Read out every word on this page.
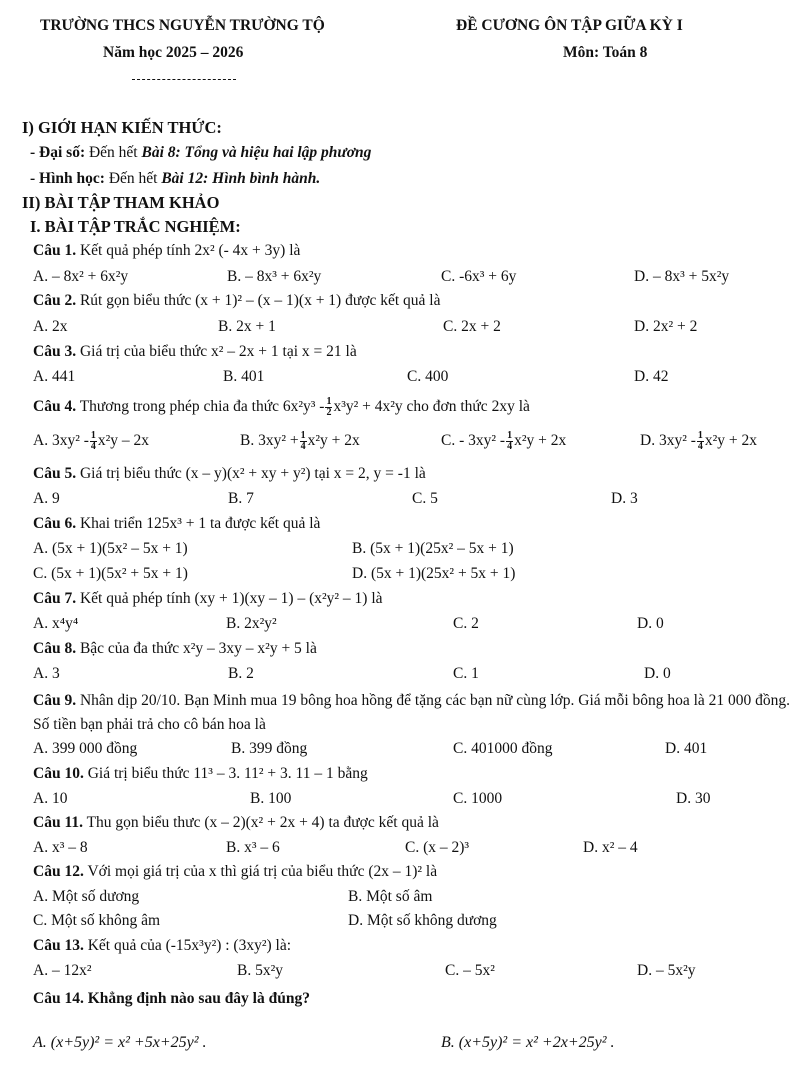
TRƯỜNG THCS NGUYỄN TRƯỜNG TỘ
Năm học 2025 – 2026
ĐỀ CƯƠNG ÔN TẬP GIỮA KỲ I
Môn: Toán 8
I) GIỚI HẠN KIẾN THỨC:
- Đại số: Đến hết Bài 8: Tổng và hiệu hai lập phương
- Hình học: Đến hết Bài 12: Hình bình hành.
II) BÀI TẬP THAM KHẢO
I. BÀI TẬP TRẮC NGHIỆM:
Câu 1. Kết quả phép tính 2x² (- 4x + 3y) là
A. – 8x² + 6x²y	B. – 8x³ + 6x²y	C. -6x³ + 6y	D. – 8x³ + 5x²y
Câu 2. Rút gọn biểu thức (x + 1)² – (x – 1)(x + 1) được kết quả là
A. 2x	B. 2x + 1	C. 2x + 2	D. 2x² + 2
Câu 3. Giá trị của biểu thức x² – 2x + 1 tại x = 21 là
A. 441	B. 401	C. 400	D. 42
Câu 4. Thương trong phép chia đa thức $6x^2y^3 - \frac{1}{2} x^3y^2 + 4x^2y$ cho đơn thức 2xy là
A. $3xy^2 - \frac{1}{4} x^2y - 2x$	B. $3xy^2 + \frac{1}{4} x^2y + 2x$	C. - $3xy^2 - \frac{1}{4} x^2y + 2x$	D. $3xy^2 - \frac{1}{4} x^2y + 2x$
Câu 5. Giá trị biểu thức (x – y)(x² + xy + y²) tại x = 2, y = -1 là
A. 9	B. 7	C. 5	D. 3
Câu 6. Khai triển 125x³ + 1 ta được kết quả là
A. (5x + 1)(5x² – 5x + 1)	B. (5x + 1)(25x² – 5x + 1)
C. (5x + 1)(5x² + 5x + 1)	D. (5x + 1)(25x² + 5x + 1)
Câu 7. Kết quả phép tính (xy + 1)(xy – 1) – (x²y² – 1) là
A. x⁴y⁴	B. 2x²y²	C. 2	D. 0
Câu 8. Bậc của đa thức x²y – 3xy – x²y + 5 là
A. 3	B. 2	C. 1	D. 0
Câu 9. Nhân dịp 20/10. Bạn Minh mua 19 bông hoa hồng để tặng các bạn nữ cùng lớp. Giá mỗi bông hoa là 21 000 đồng. Số tiền bạn phải trả cho cô bán hoa là
A. 399 000 đồng	B. 399 đồng	C. 401000 đồng	D. 401
Câu 10. Giá trị biểu thức 11³ – 3. 11² + 3. 11 – 1 bằng
A. 10	B. 100	C. 1000	D. 30
Câu 11. Thu gọn biểu thưc (x – 2)(x² + 2x + 4) ta được kết quả là
A. x³ – 8	B. x³ – 6	C. (x – 2)³	D. x² – 4
Câu 12. Với mọi giá trị của x thì giá trị của biểu thức (2x – 1)² là
A. Một số dương	B. Một số âm
C. Một số không âm	D. Một số không dương
Câu 13. Kết quả của (-15x³y²) : (3xy²) là:
A. – 12x²	B. 5x²y	C. – 5x²	D. – 5x²y
Câu 14. Khẳng định nào sau đây là đúng?
A. (x+5y)² = x² +5x+25y² .	B. (x+5y)² = x² +2x+25y² .
